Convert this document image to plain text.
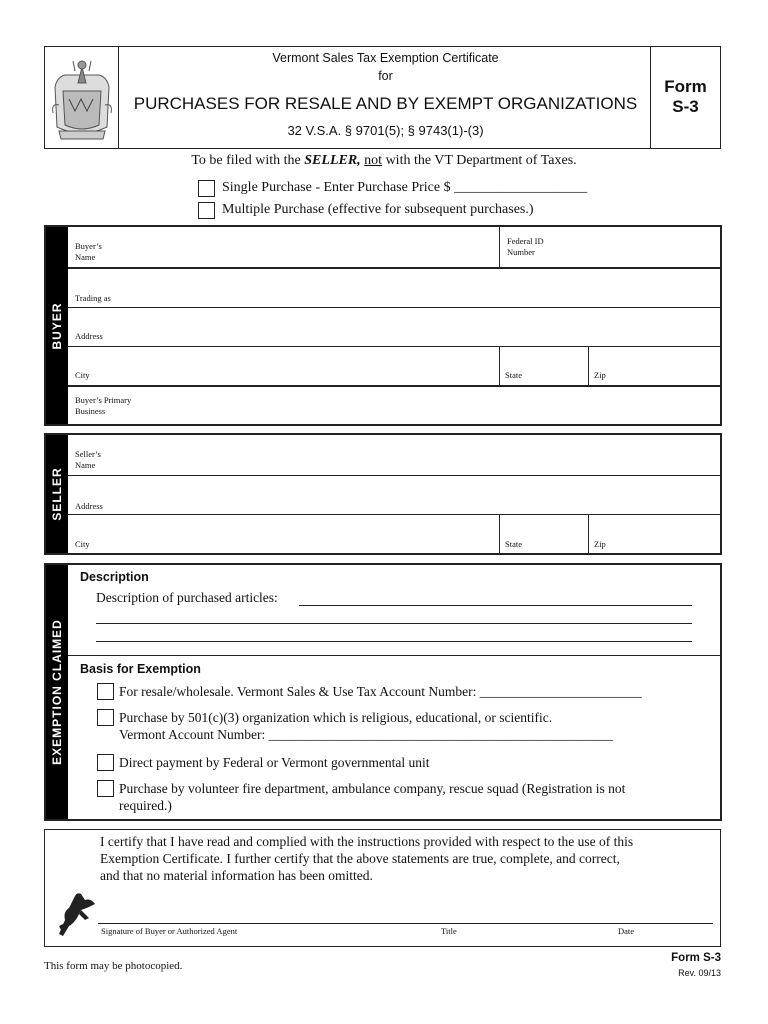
Vermont Sales Tax Exemption Certificate
for
PURCHASES FOR RESALE AND BY EXEMPT ORGANIZATIONS
32 V.S.A. § 9701(5); § 9743(1)-(3)
Form
S-3
To be filed with the SELLER, not with the VT Department of Taxes.
Single Purchase - Enter Purchase Price $ ___________________
Multiple Purchase (effective for subsequent purchases.)
BUYER
Buyer’s
Name
Federal ID
Number
Trading as
Address
City	State	Zip
Buyer’s Primary
Business
SELLER
Seller’s
Name
Address
City	State	Zip
EXEMPTION CLAIMED
Description
Description of purchased articles:
Basis for Exemption
For resale/wholesale. Vermont Sales & Use Tax Account Number: ________________________
Purchase by 501(c)(3) organization which is religious, educational, or scientific.
Vermont Account Number: ___________________________________________________
Direct payment by Federal or Vermont governmental unit
Purchase by volunteer fire department, ambulance company, rescue squad (Registration is not
required.)
I certify that I have read and complied with the instructions provided with respect to the use of this
Exemption Certificate. I further certify that the above statements are true, complete, and correct,
and that no material information has been omitted.
Signature of Buyer or Authorized Agent	Title	Date
This form may be photocopied.
Form S-3
Rev. 09/13
